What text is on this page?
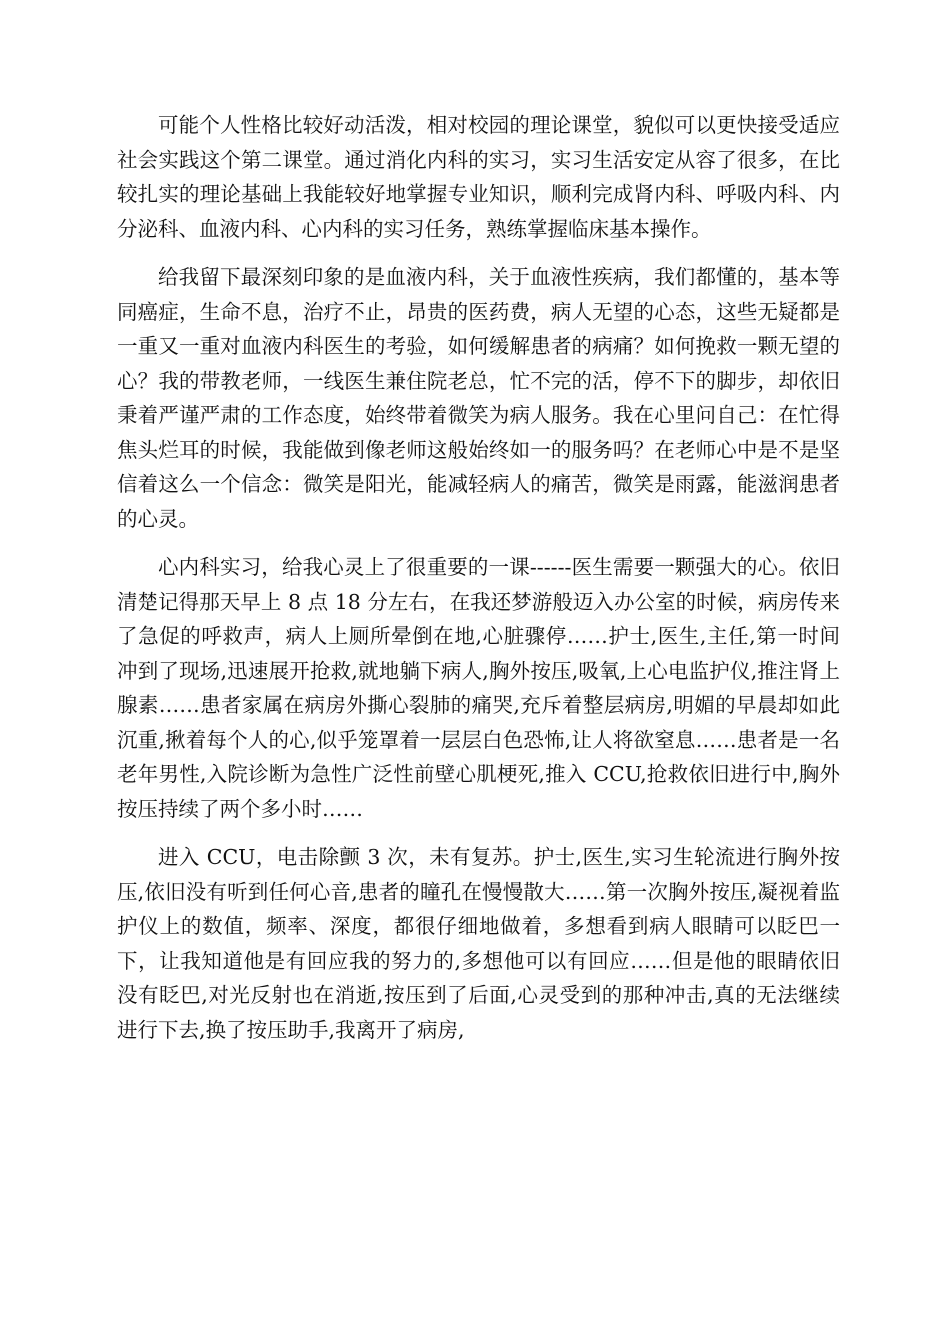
可能个人性格比较好动活泼，相对校园的理论课堂，貌似可以更快接受适应社会实践这个第二课堂。通过消化内科的实习，实习生活安定从容了很多，在比较扎实的理论基础上我能较好地掌握专业知识，顺利完成肾内科、呼吸内科、内分泌科、血液内科、心内科的实习任务，熟练掌握临床基本操作。

给我留下最深刻印象的是血液内科，关于血液性疾病，我们都懂的，基本等同癌症，生命不息，治疗不止，昂贵的医药费，病人无望的心态，这些无疑都是一重又一重对血液内科医生的考验，如何缓解患者的病痛？如何挽救一颗无望的心？我的带教老师，一线医生兼住院老总，忙不完的活，停不下的脚步，却依旧秉着严谨严肃的工作态度，始终带着微笑为病人服务。我在心里问自己：在忙得焦头烂耳的时候，我能做到像老师这般始终如一的服务吗？在老师心中是不是坚信着这么一个信念：微笑是阳光，能减轻病人的痛苦，微笑是雨露，能滋润患者的心灵。

心内科实习，给我心灵上了很重要的一课------医生需要一颗强大的心。依旧清楚记得那天早上 8 点 18 分左右，在我还梦游般迈入办公室的时候，病房传来了急促的呼救声，病人上厕所晕倒在地,心脏骤停……护士,医生,主任,第一时间冲到了现场,迅速展开抢救,就地躺下病人,胸外按压,吸氧,上心电监护仪,推注肾上腺素……患者家属在病房外撕心裂肺的痛哭,充斥着整层病房,明媚的早晨却如此沉重,揪着每个人的心,似乎笼罩着一层层白色恐怖,让人将欲窒息……患者是一名老年男性,入院诊断为急性广泛性前壁心肌梗死,推入 CCU,抢救依旧进行中,胸外按压持续了两个多小时……

进入 CCU，电击除颤 3 次，未有复苏。护士,医生,实习生轮流进行胸外按压,依旧没有听到任何心音,患者的瞳孔在慢慢散大……第一次胸外按压,凝视着监护仪上的数值，频率、深度，都很仔细地做着，多想看到病人眼睛可以眨巴一下，让我知道他是有回应我的努力的,多想他可以有回应……但是他的眼睛依旧没有眨巴,对光反射也在消逝,按压到了后面,心灵受到的那种冲击,真的无法继续进行下去,换了按压助手,我离开了病房,
